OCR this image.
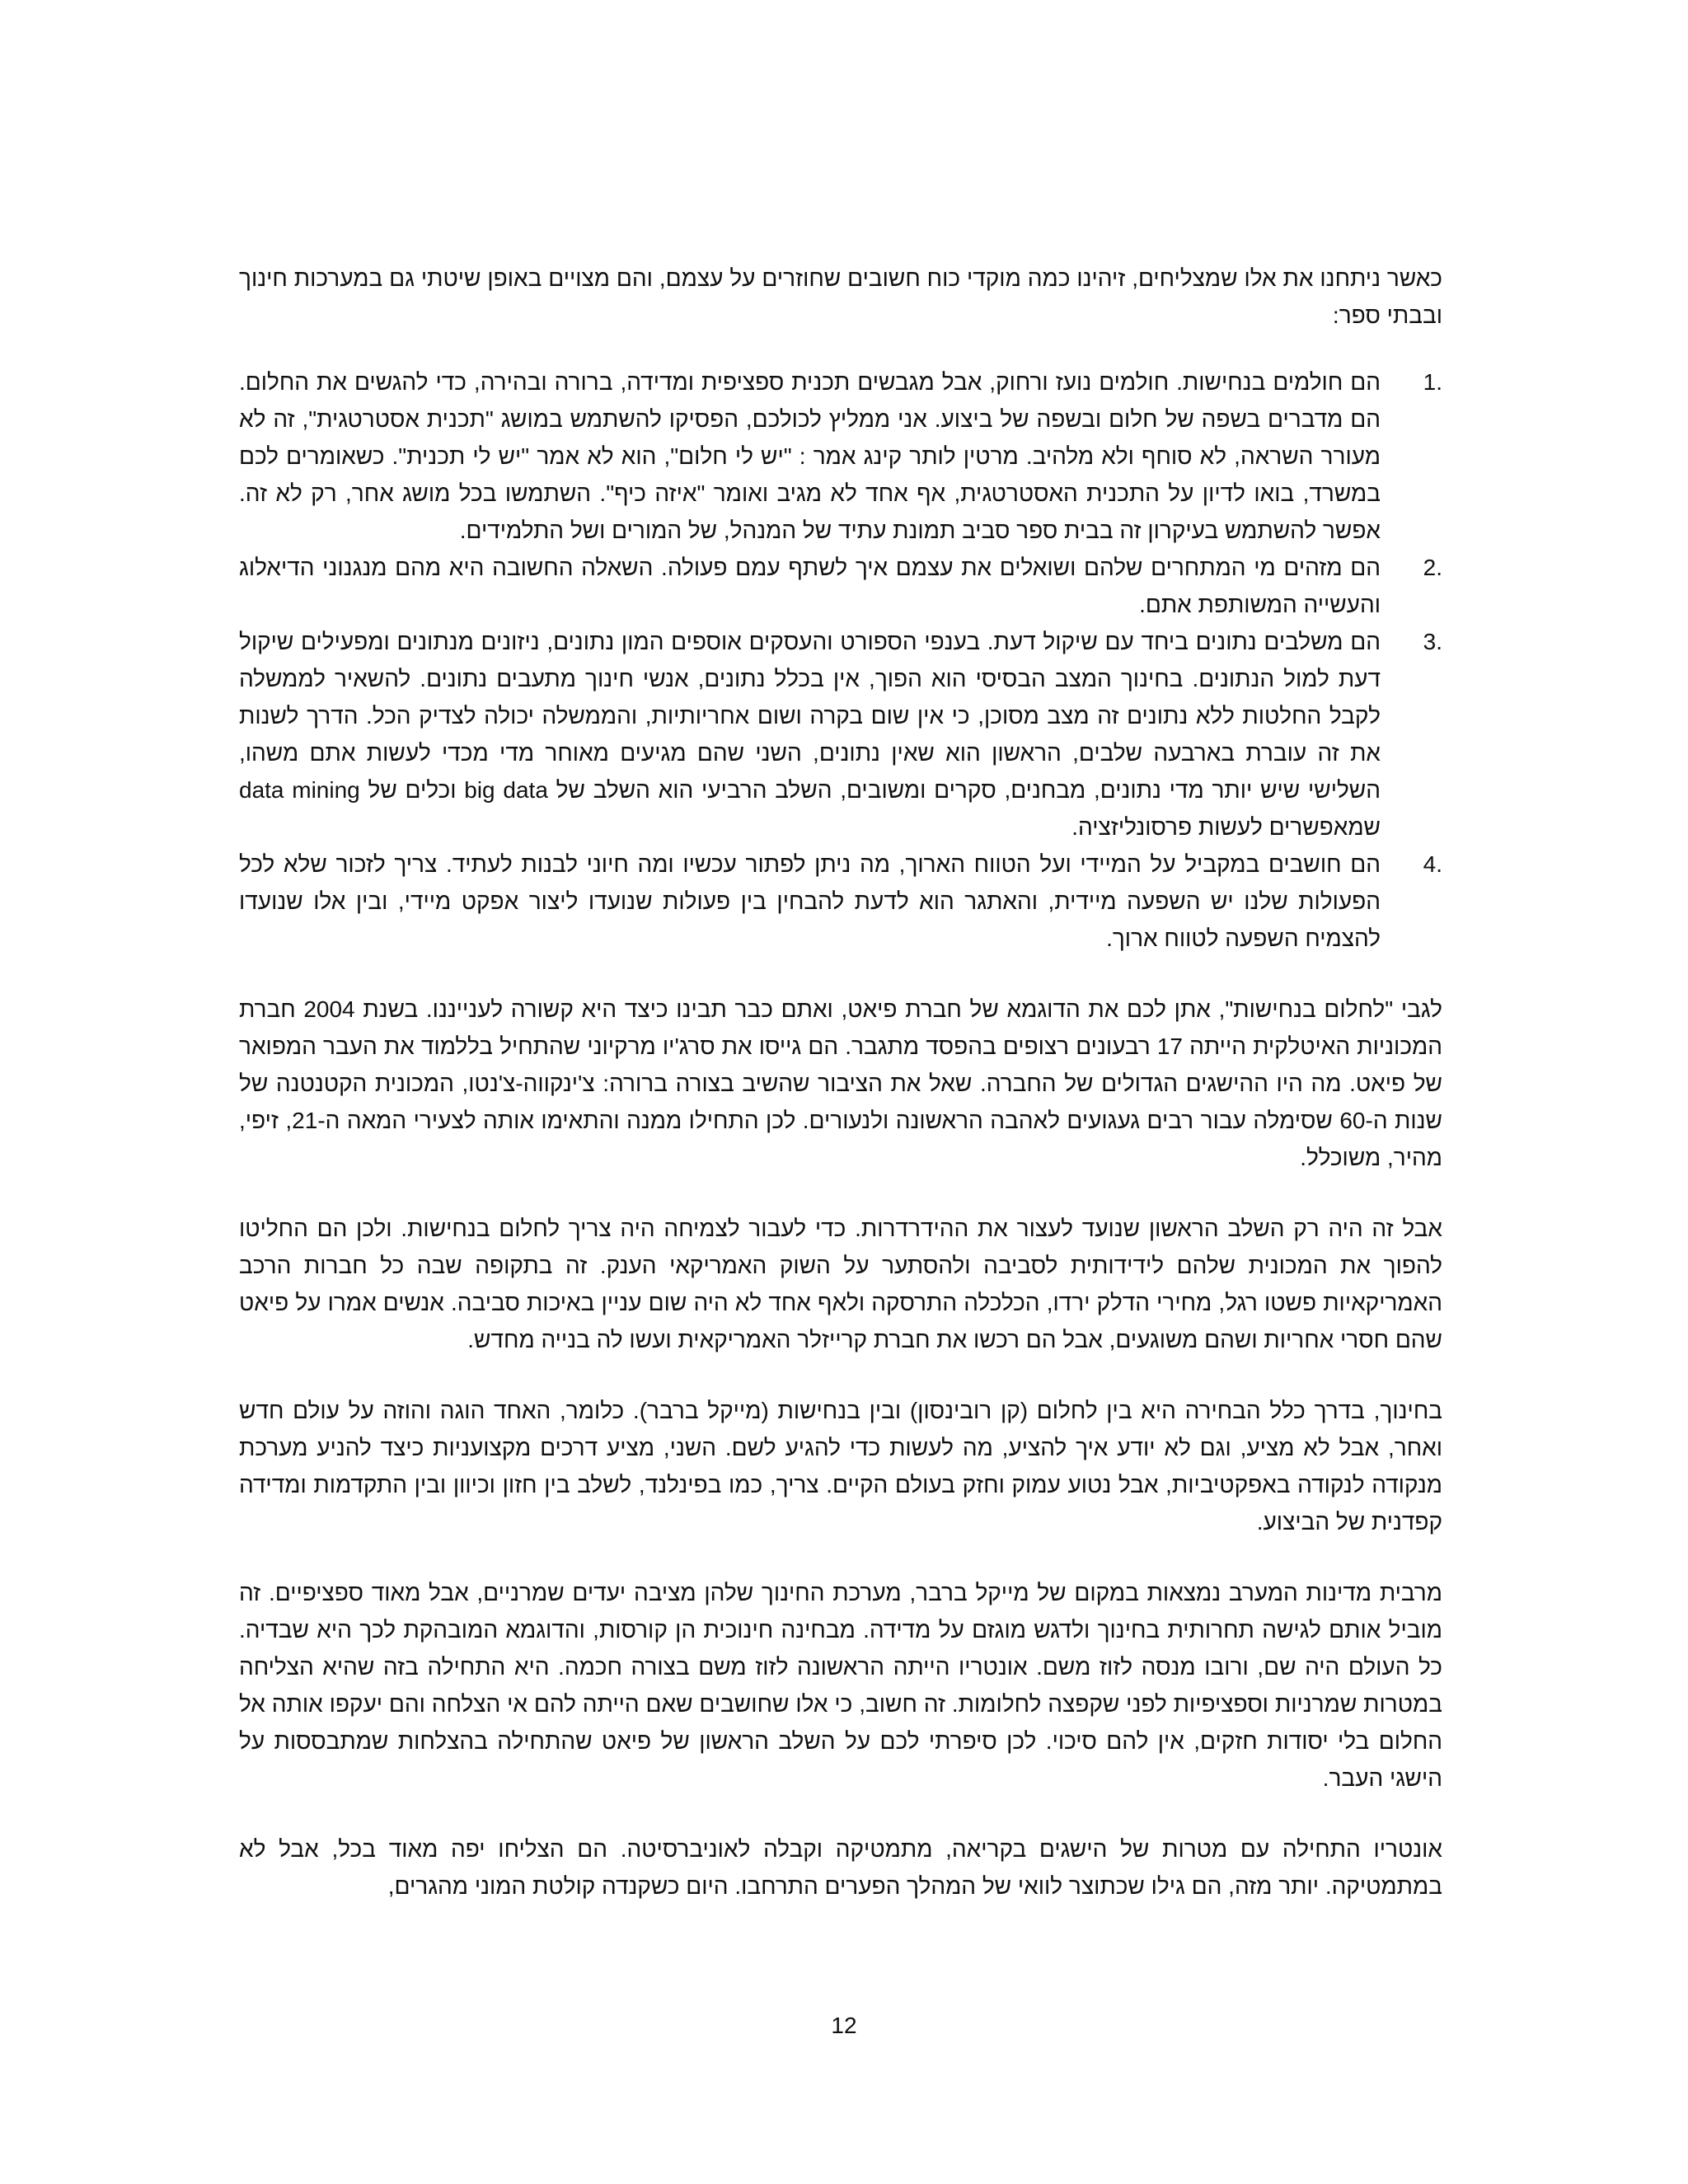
כאשר ניתחנו את אלו שמצליחים, זיהינו כמה מוקדי כוח חשובים שחוזרים על עצמם, והם מצויים באופן שיטתי גם במערכות חינוך ובבתי ספר:

1.
הם חולמים בנחישות. חולמים נועז ורחוק, אבל מגבשים תכנית ספציפית ומדידה, ברורה ובהירה, כדי להגשים את החלום. הם מדברים בשפה של חלום ובשפה של ביצוע. אני ממליץ לכולכם, הפסיקו להשתמש במושג "תכנית אסטרטגית", זה לא מעורר השראה, לא סוחף ולא מלהיב. מרטין לותר קינג אמר : "יש לי חלום", הוא לא אמר "יש לי תכנית". כשאומרים לכם במשרד, בואו לדיון על התכנית האסטרטגית, אף אחד לא מגיב ואומר "איזה כיף". השתמשו בכל מושג אחר, רק לא זה. אפשר להשתמש בעיקרון זה בבית ספר סביב תמונת עתיד של המנהל, של המורים ושל התלמידים.
2.
הם מזהים מי המתחרים שלהם ושואלים את עצמם איך לשתף עמם פעולה. השאלה החשובה היא מהם מנגנוני הדיאלוג והעשייה המשותפת אתם.
3.
הם משלבים נתונים ביחד עם שיקול דעת. בענפי הספורט והעסקים אוספים המון נתונים, ניזונים מנתונים ומפעילים שיקול דעת למול הנתונים. בחינוך המצב הבסיסי הוא הפוך, אין בכלל נתונים, אנשי חינוך מתעבים נתונים. להשאיר לממשלה לקבל החלטות ללא נתונים זה מצב מסוכן, כי אין שום בקרה ושום אחריותיות, והממשלה יכולה לצדיק הכל. הדרך לשנות את זה עוברת בארבעה שלבים, הראשון הוא שאין נתונים, השני שהם מגיעים מאוחר מדי מכדי לעשות אתם משהו, השלישי שיש יותר מדי נתונים, מבחנים, סקרים ומשובים, השלב הרביעי הוא השלב של big data וכלים של data mining שמאפשרים לעשות פרסונליזציה.
4.
הם חושבים במקביל על המיידי ועל הטווח הארוך, מה ניתן לפתור עכשיו ומה חיוני לבנות לעתיד. צריך לזכור שלא לכל הפעולות שלנו יש השפעה מיידית, והאתגר הוא לדעת להבחין בין פעולות שנועדו ליצור אפקט מיידי, ובין אלו שנועדו להצמיח השפעה לטווח ארוך.

לגבי "לחלום בנחישות", אתן לכם את הדוגמא של חברת פיאט, ואתם כבר תבינו כיצד היא קשורה לענייננו. בשנת 2004 חברת המכוניות האיטלקית הייתה 17 רבעונים רצופים בהפסד מתגבר. הם גייסו את סרג'יו מרקיוני שהתחיל בללמוד את העבר המפואר של פיאט. מה היו ההישגים הגדולים של החברה. שאל את הציבור שהשיב בצורה ברורה: צ'ינקווה-צ'נטו, המכונית הקטנטנה של שנות ה-60 שסימלה עבור רבים געגועים לאהבה הראשונה ולנעורים. לכן התחילו ממנה והתאימו אותה לצעירי המאה ה-21, זיפי, מהיר, משוכלל.

אבל זה היה רק השלב הראשון שנועד לעצור את ההידרדרות. כדי לעבור לצמיחה היה צריך לחלום בנחישות. ולכן הם החליטו להפוך את המכונית שלהם לידידותית לסביבה ולהסתער על השוק האמריקאי הענק. זה בתקופה שבה כל חברות הרכב האמריקאיות פשטו רגל, מחירי הדלק ירדו, הכלכלה התרסקה ולאף אחד לא היה שום עניין באיכות סביבה. אנשים אמרו על פיאט שהם חסרי אחריות ושהם משוגעים, אבל הם רכשו את חברת קרייזלר האמריקאית ועשו לה בנייה מחדש.

בחינוך, בדרך כלל הבחירה היא בין לחלום (קן רובינסון) ובין בנחישות (מייקל ברבר). כלומר, האחד הוגה והוזה על עולם חדש ואחר, אבל לא מציע, וגם לא יודע איך להציע, מה לעשות כדי להגיע לשם. השני, מציע דרכים מקצועניות כיצד להניע מערכת מנקודה לנקודה באפקטיביות, אבל נטוע עמוק וחזק בעולם הקיים. צריך, כמו בפינלנד, לשלב בין חזון וכיוון ובין התקדמות ומדידה קפדנית של הביצוע.

מרבית מדינות המערב נמצאות במקום של מייקל ברבר, מערכת החינוך שלהן מציבה יעדים שמרניים, אבל מאוד ספציפיים. זה מוביל אותם לגישה תחרותית בחינוך ולדגש מוגזם על מדידה. מבחינה חינוכית הן קורסות, והדוגמא המובהקת לכך היא שבדיה. כל העולם היה שם, ורובו מנסה לזוז משם. אונטריו הייתה הראשונה לזוז משם בצורה חכמה. היא התחילה בזה שהיא הצליחה במטרות שמרניות וספציפיות לפני שקפצה לחלומות. זה חשוב, כי אלו שחושבים שאם הייתה להם אי הצלחה והם יעקפו אותה אל החלום בלי יסודות חזקים, אין להם סיכוי. לכן סיפרתי לכם על השלב הראשון של פיאט שהתחילה בהצלחות שמתבססות על הישגי העבר.

אונטריו התחילה עם מטרות של הישגים בקריאה, מתמטיקה וקבלה לאוניברסיטה. הם הצליחו יפה מאוד בכל, אבל לא במתמטיקה. יותר מזה, הם גילו שכתוצר לוואי של המהלך הפערים התרחבו. היום כשקנדה קולטת המוני מהגרים,

12
